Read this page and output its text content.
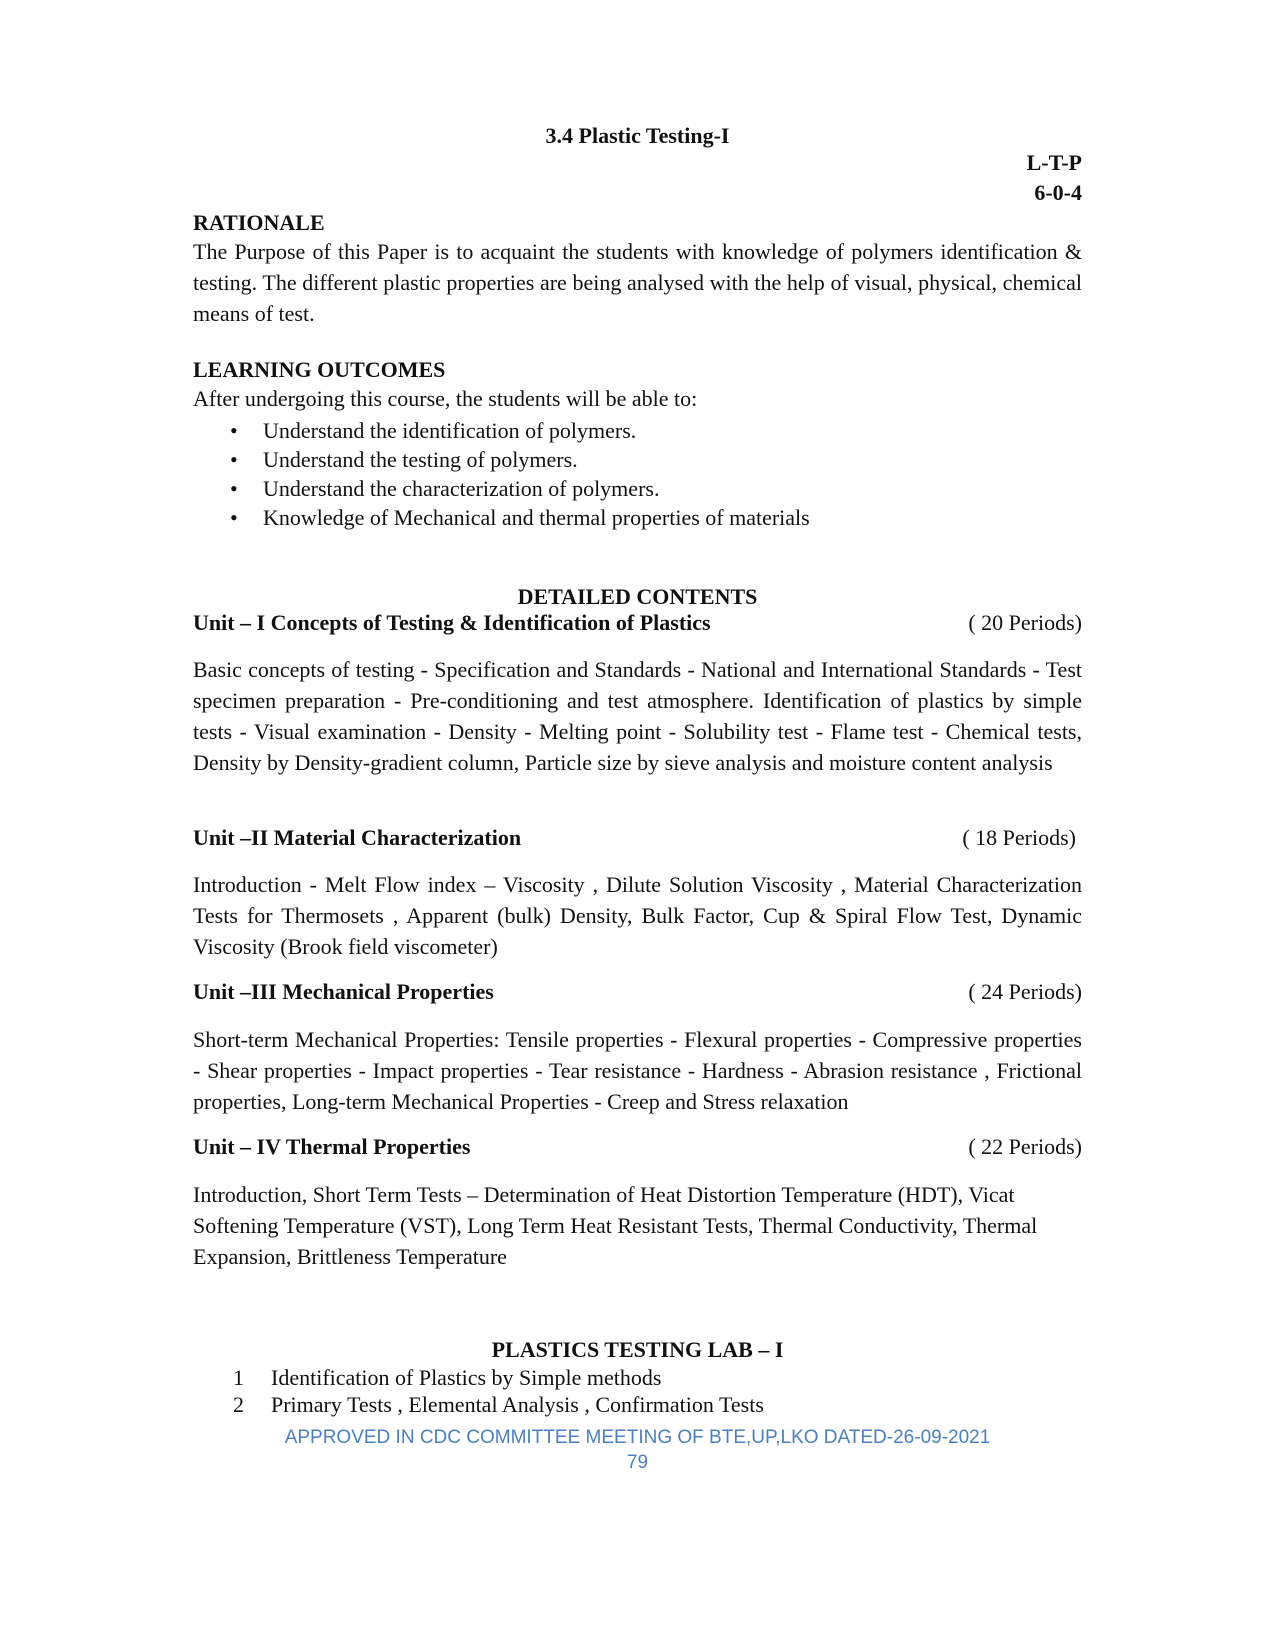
3.4 Plastic Testing-I
L-T-P
6-0-4
RATIONALE
The Purpose of this Paper is to acquaint the students with knowledge of polymers identification & testing. The different plastic properties are being analysed with the help of visual, physical, chemical means of test.
LEARNING OUTCOMES
After undergoing this course, the students will be able to:
• Understand the identification of polymers.
• Understand the testing of polymers.
• Understand the characterization of polymers.
• Knowledge of Mechanical and thermal properties of materials
DETAILED CONTENTS
Unit – I Concepts of Testing & Identification of Plastics	( 20 Periods)
Basic concepts of testing - Specification and Standards - National and International Standards - Test specimen preparation - Pre-conditioning and test atmosphere. Identification of plastics by simple tests - Visual examination - Density - Melting point - Solubility test - Flame test - Chemical tests, Density by Density-gradient column, Particle size by sieve analysis and moisture content analysis
Unit –II Material Characterization	( 18 Periods)
Introduction - Melt Flow index – Viscosity , Dilute Solution Viscosity , Material Characterization Tests for Thermosets , Apparent (bulk) Density, Bulk Factor, Cup & Spiral Flow Test, Dynamic Viscosity (Brook field viscometer)
Unit –III Mechanical Properties	( 24 Periods)
Short-term Mechanical Properties: Tensile properties - Flexural properties - Compressive properties - Shear properties - Impact properties - Tear resistance - Hardness - Abrasion resistance , Frictional properties, Long-term Mechanical Properties - Creep and Stress relaxation
Unit – IV Thermal Properties	( 22 Periods)
Introduction, Short Term Tests – Determination of Heat Distortion Temperature (HDT), Vicat Softening Temperature (VST), Long Term Heat Resistant Tests, Thermal Conductivity, Thermal Expansion, Brittleness Temperature
PLASTICS TESTING LAB – I
1 Identification of Plastics by Simple methods
2 Primary Tests , Elemental Analysis , Confirmation Tests
APPROVED IN CDC COMMITTEE MEETING OF BTE,UP,LKO DATED-26-09-2021
79
